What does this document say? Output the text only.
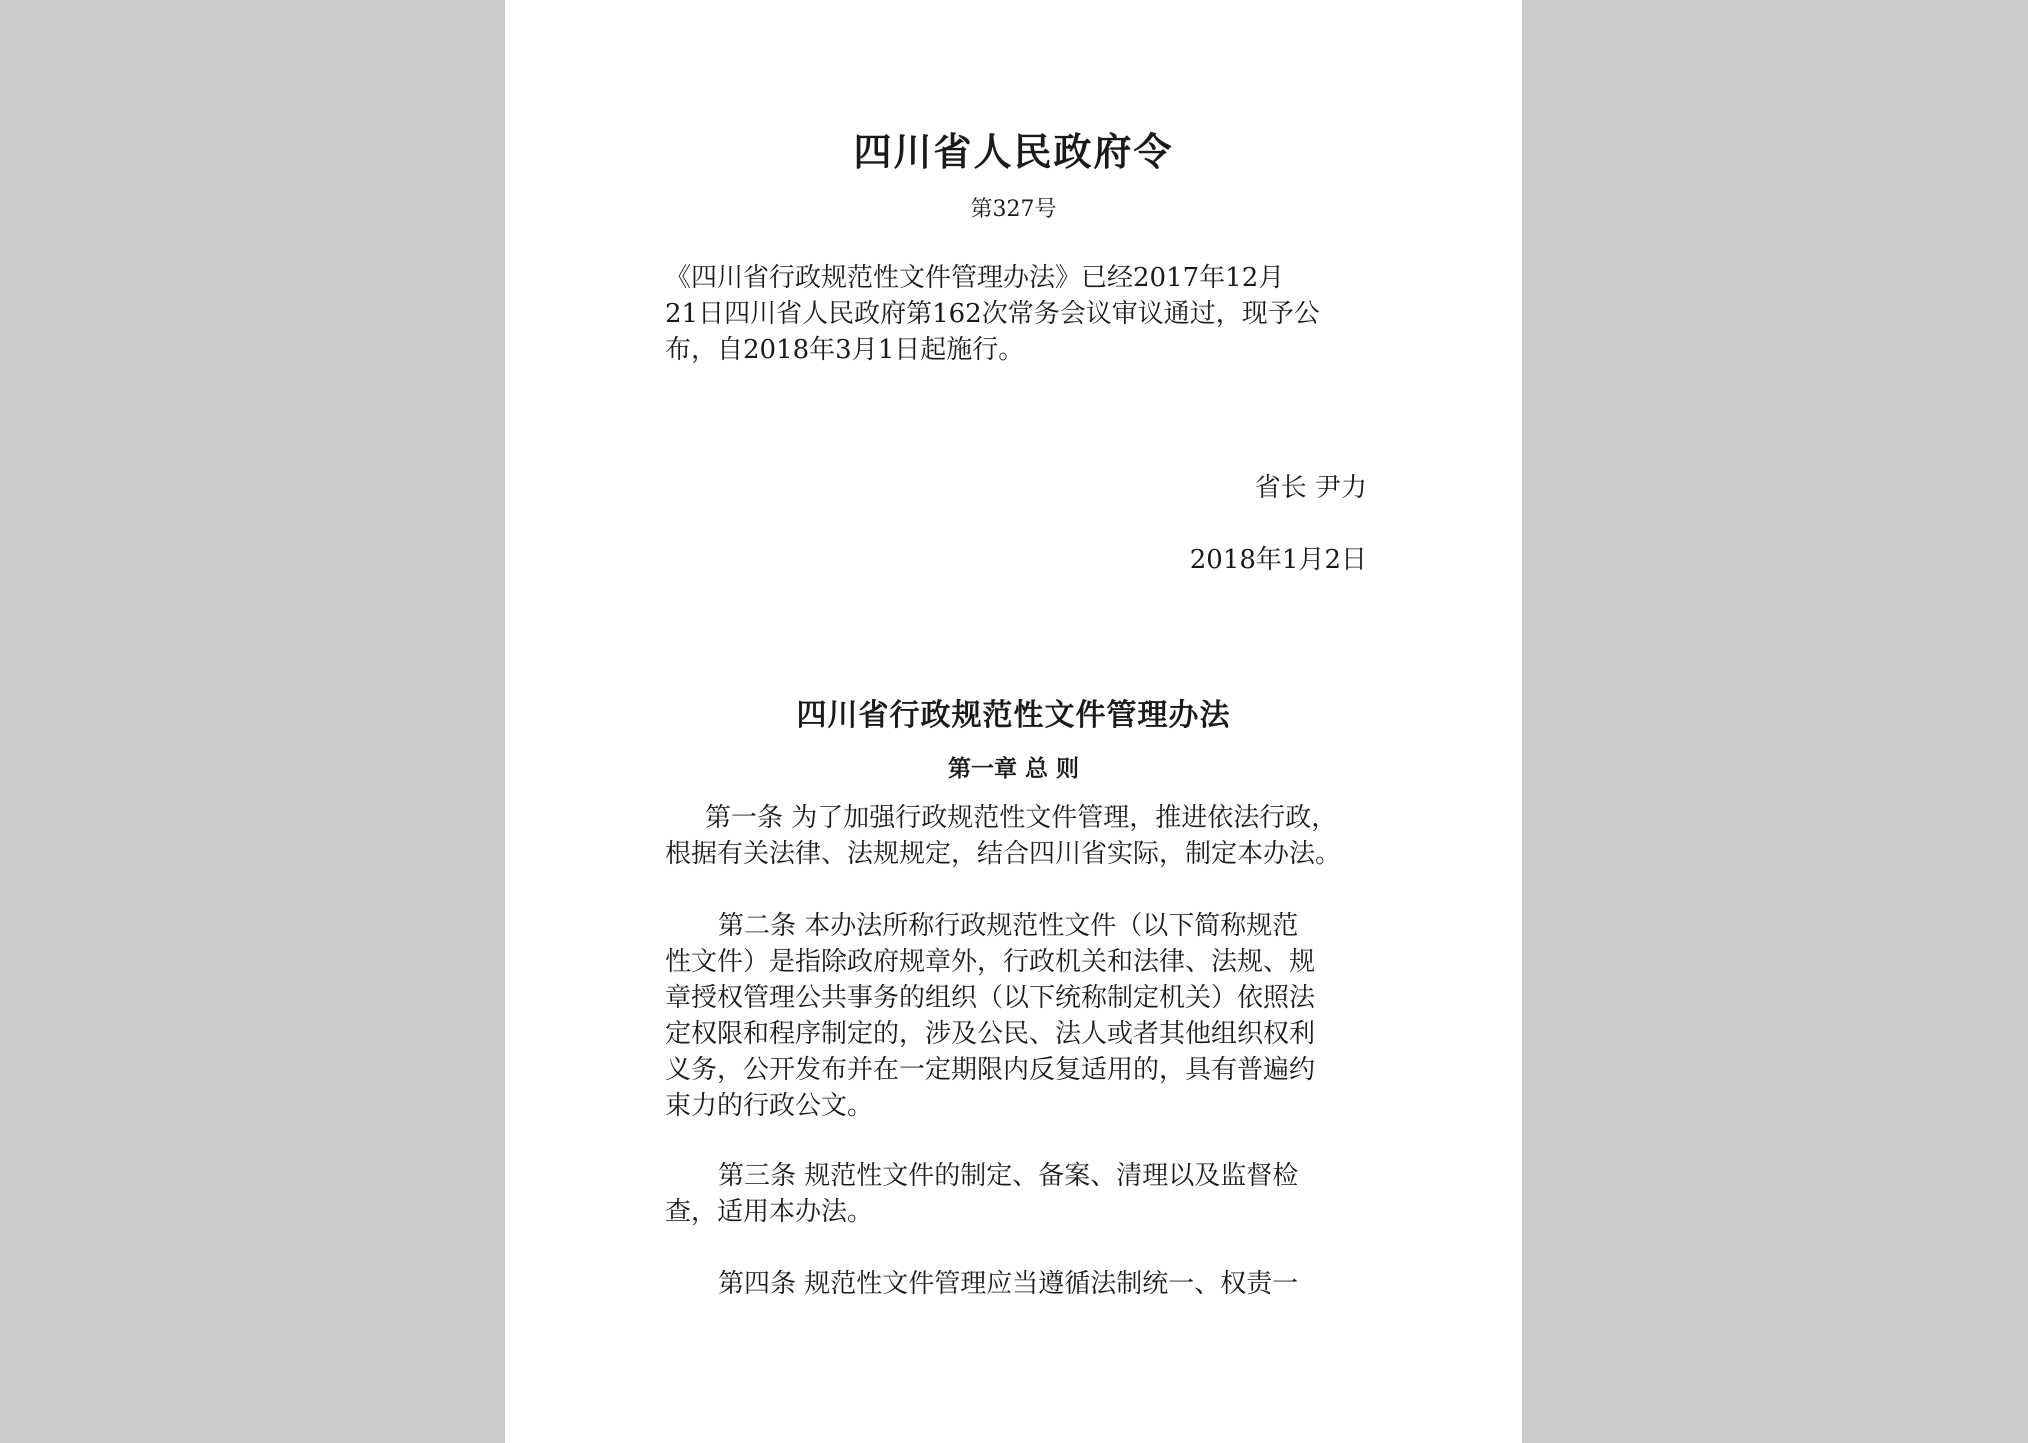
四川省人民政府令

第327号

《四川省行政规范性文件管理办法》已经2017年12月

21日四川省人民政府第162次常务会议审议通过，现予公

布，自2018年3月1日起施行。

省长 尹力

2018年1月2日

四川省行政规范性文件管理办法
第一章 总 则

第一条 为了加强行政规范性文件管理，推进依法行政，

根据有关法律、法规规定，结合四川省实际，制定本办法。

第二条 本办法所称行政规范性文件（以下简称规范

性文件）是指除政府规章外，行政机关和法律、法规、规

章授权管理公共事务的组织（以下统称制定机关）依照法

定权限和程序制定的，涉及公民、法人或者其他组织权利

义务，公开发布并在一定期限内反复适用的，具有普遍约

束力的行政公文。

第三条 规范性文件的制定、备案、清理以及监督检

查，适用本办法。

第四条 规范性文件管理应当遵循法制统一、权责一
